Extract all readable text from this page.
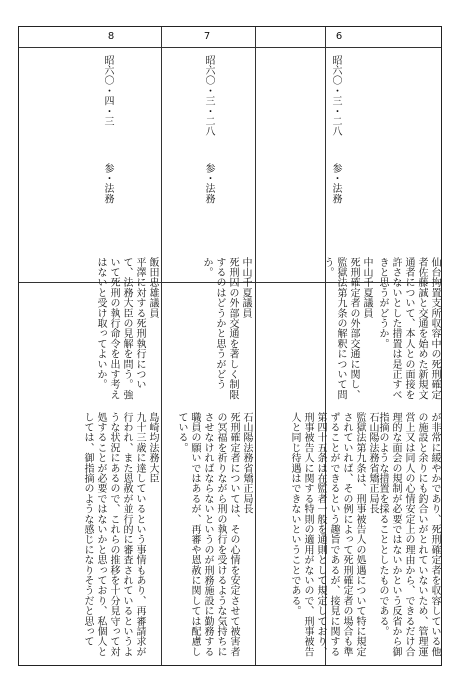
6
7
8
昭六〇・三・二八
昭六〇・三・二八
昭六〇・四・三
参・法務
参・法務
参・法務
中山千夏議員
死刑確定者の外部交通に関し、監獄法第九条の解釈について問う。
中山千夏議員
死刑囚の外部交通を著しく制限するのはどうかと思うがどうか。
飯田忠雄議員
平澤に対する死刑執行について、法務大臣の見解を問う。強いて死刑の執行命令を出す考えはないと受け取ってよいか。
石山陽法務省矯正局長
監獄法第九条は、刑事被告人の処遇について特に規定されていれば、その例によって死刑確定者の場合も準ずることができるという趣旨であるが、接見に関する第四十五条は在監者一般を通則として規定しており、刑事被告人に関する特則の適用がないので、刑事被告人と同じ待遇はできないということである。
石山陽法務省矯正局長
死刑確定者については、その心情を安定させて被害者の冥福を祈りながら刑の執行を受けるような気持ちにさせなければならないというのが刑務施設に勤務する職員の願いではあるが、再審や恩赦に関しては配慮している。
島崎均法務大臣
九十三歳に達しているという事情もあり、再審請求が行われ、また恩赦が並行的に審査されているというような状況にあるので、これらの推移を十分見守って対処することが必要ではないかと思っており、私個人としては、御指摘のような感じになりそうだと思って
仙台拘置支所収容中の死刑確定者佐藤誠と交通を始めた新規文通者について、本人との面接を許さないとした措置は是正すべきと思うがどうか。
が非常に緩やかであり、死刑確定者を収容している他の施設と余りにも釣合いがとれていないため、管理運営上又は同人の心情安定上の理由から、できるだけ合理的な面会の規制が必要ではないかという反省から御指摘のような措置を採ることとしたものである。
